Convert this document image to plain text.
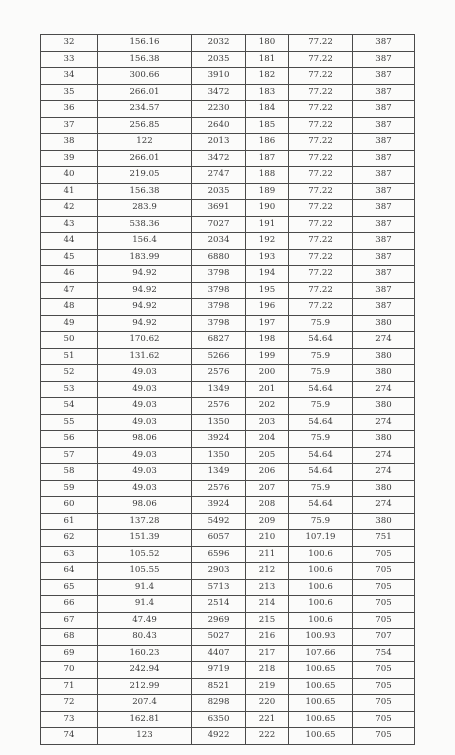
32	156.16	2032	180	77.22	387
33	156.38	2035	181	77.22	387
34	300.66	3910	182	77.22	387
35	266.01	3472	183	77.22	387
36	234.57	2230	184	77.22	387
37	256.85	2640	185	77.22	387
38	122	2013	186	77.22	387
39	266.01	3472	187	77.22	387
40	219.05	2747	188	77.22	387
41	156.38	2035	189	77.22	387
42	283.9	3691	190	77.22	387
43	538.36	7027	191	77.22	387
44	156.4	2034	192	77.22	387
45	183.99	6880	193	77.22	387
46	94.92	3798	194	77.22	387
47	94.92	3798	195	77.22	387
48	94.92	3798	196	77.22	387
49	94.92	3798	197	75.9	380
50	170.62	6827	198	54.64	274
51	131.62	5266	199	75.9	380
52	49.03	2576	200	75.9	380
53	49.03	1349	201	54.64	274
54	49.03	2576	202	75.9	380
55	49.03	1350	203	54.64	274
56	98.06	3924	204	75.9	380
57	49.03	1350	205	54.64	274
58	49.03	1349	206	54.64	274
59	49.03	2576	207	75.9	380
60	98.06	3924	208	54.64	274
61	137.28	5492	209	75.9	380
62	151.39	6057	210	107.19	751
63	105.52	6596	211	100.6	705
64	105.55	2903	212	100.6	705
65	91.4	5713	213	100.6	705
66	91.4	2514	214	100.6	705
67	47.49	2969	215	100.6	705
68	80.43	5027	216	100.93	707
69	160.23	4407	217	107.66	754
70	242.94	9719	218	100.65	705
71	212.99	8521	219	100.65	705
72	207.4	8298	220	100.65	705
73	162.81	6350	221	100.65	705
74	123	4922	222	100.65	705
